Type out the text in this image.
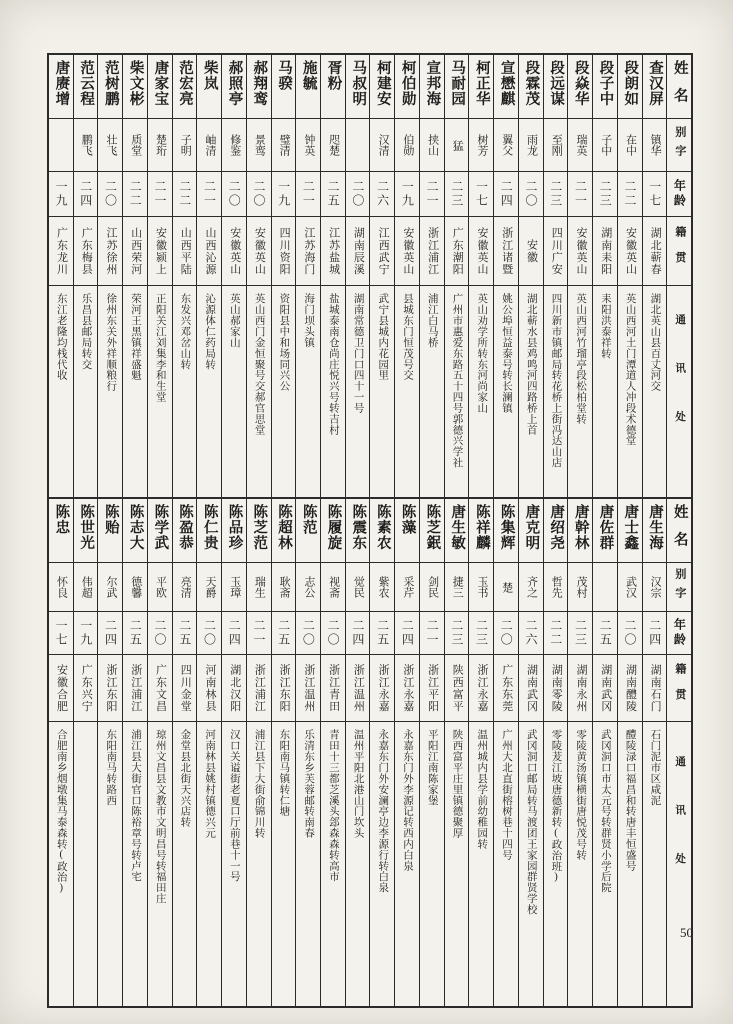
姓名
别字
年龄
籍贯
通讯处
查汉屏
镇华
一七
湖北蕲春
湖北英山县百丈河交
段朗如
在中
二二
安徽英山
英山西河土门潭道人冲段术德堂
段子中
子中
二三
湖南耒阳
耒阳洪泰祥转
段焱华
瑞英
二一
安徽英山
英山西河竹瑠亭段松柏堂转
段远谋
至刚
二三
四川广安
四川新市镇邮局转花桥上街冯达山店
段霖茂
雨龙
二〇
安徽
湖北蕲水县鸡鸣河四路桥上首
宣懋麒
翼父
二四
浙江诸暨
姚公埠恒益泰号转长澜镇
柯正华
树芳
一七
安徽英山
英山劝学所转东河尚家山
马耐园
猛
二三
广东潮阳
广州市惠爱东路五十四号郭德兴学社
宣邦海
挟山
二一
浙江浦江
浦江白马桥
柯伯勋
伯勋
一九
安徽英山
县城东门恒茂号交
柯建安
汉清
二六
江西武宁
武宁县城内花园里
马叔明
二〇
湖南辰溪
湖南常德卫门口四十一号
胥粉
咫楚
二五
江苏盐城
盐城泰南仓尚庄悦兴号转吉村
施毓
钟英
二一
江苏海门
海门坝头镇
马骙
璧清
一九
四川资阳
资阳县中和场同兴公
郝翔鸾
景鸾
二〇
安徽英山
英山西门金恒聚号交郝官思堂
郝照亭
修鉴
二〇
安徽英山
英山郝家山
柴岚
岫清
二一
山西沁源
沁源体仁药局转
范宏亮
子明
二二
山西平陆
东发兴邓岔山转
唐家宝
楚珩
二一
安徽颍上
正阳关江刘集李和生堂
柴文彬
质堂
二二
山西荣河
荣河王黑镇祥盛魁
范树鹏
壮飞
二〇
江苏徐州
徐州东关外祥顺粮行
范云程
鹏飞
二四
广东梅县
乐昌县邮局转交
唐赓增
一九
广东龙川
东江老隆均栈代收
姓名
别字
年龄
籍贯
通讯处
唐生海
汉宗
二四
湖南石门
石门泥市区咸泥
唐士鑫
武汉
二〇
湖南醴陵
醴陵渌口福昌和转唐丰恒盛号
唐佐群
二五
湖南武冈
武冈洞口市太元号转群贤小学后院
唐幹林
茂村
二三
湖南永州
零陵黄汤镇横街唐悦茂号转
唐绍尧
哲先
二二
湖南零陵
零陵茇江坡唐德新转(政治班)
唐克明
齐之
二六
湖南武冈
武冈洞口邮局转马渡团王家园群贤学校
陈集辉
楚
二〇
广东东莞
广州大北直街榕树巷十四号
陈祥麟
玉书
二三
浙江永嘉
温州城内县学前幼稚园转
唐生敏
捷三
二三
陕西富平
陕西富平庄里镇德聚厚
陈芝鈱
剑民
二一
浙江平阳
平阳江南陈家堡
陈藻
采芹
二四
浙江永嘉
永嘉东门外李源记转西内白泉
陈素农
紫农
二五
浙江永嘉
永嘉东门外安澜亭边李源行转白泉
陈震东
觉民
二四
浙江温州
温州平阳北港山门坎头
陈履旋
视斋
二〇
浙江青田
青田十三都芝溪头郐森森转高市
陈范
志公
二〇
浙江温州
乐清东乡芙蓉邮转南春
陈超林
耿斋
二五
浙江东阳
东阳南马镇转仁塘
陈芝范
瑞生
二一
浙江浦江
浦江县下大街俞锦川转
陈品珍
玉璋
二四
湖北汉阳
汉口关谥街老夏口厅前巷十一号
陈仁贵
天爵
二〇
河南林县
河南林县姚村镇德兴元
陈盈恭
亮清
二五
四川金堂
金堂县北街天兴店转
陈学武
平欧
二〇
广东文昌
琼州文昌县文教市文明昌号转福田庄
陈志大
德馨
二五
浙江浦江
浦江县大街官口陈裕章号转卢宅
陈贻
尔武
二四
浙江东阳
东阳南马转路西
陈世光
伟超
一九
广东兴宁
陈忠
怀良
一七
安徽合肥
合肥南乡烟墩集马泰森转(政治)
50
